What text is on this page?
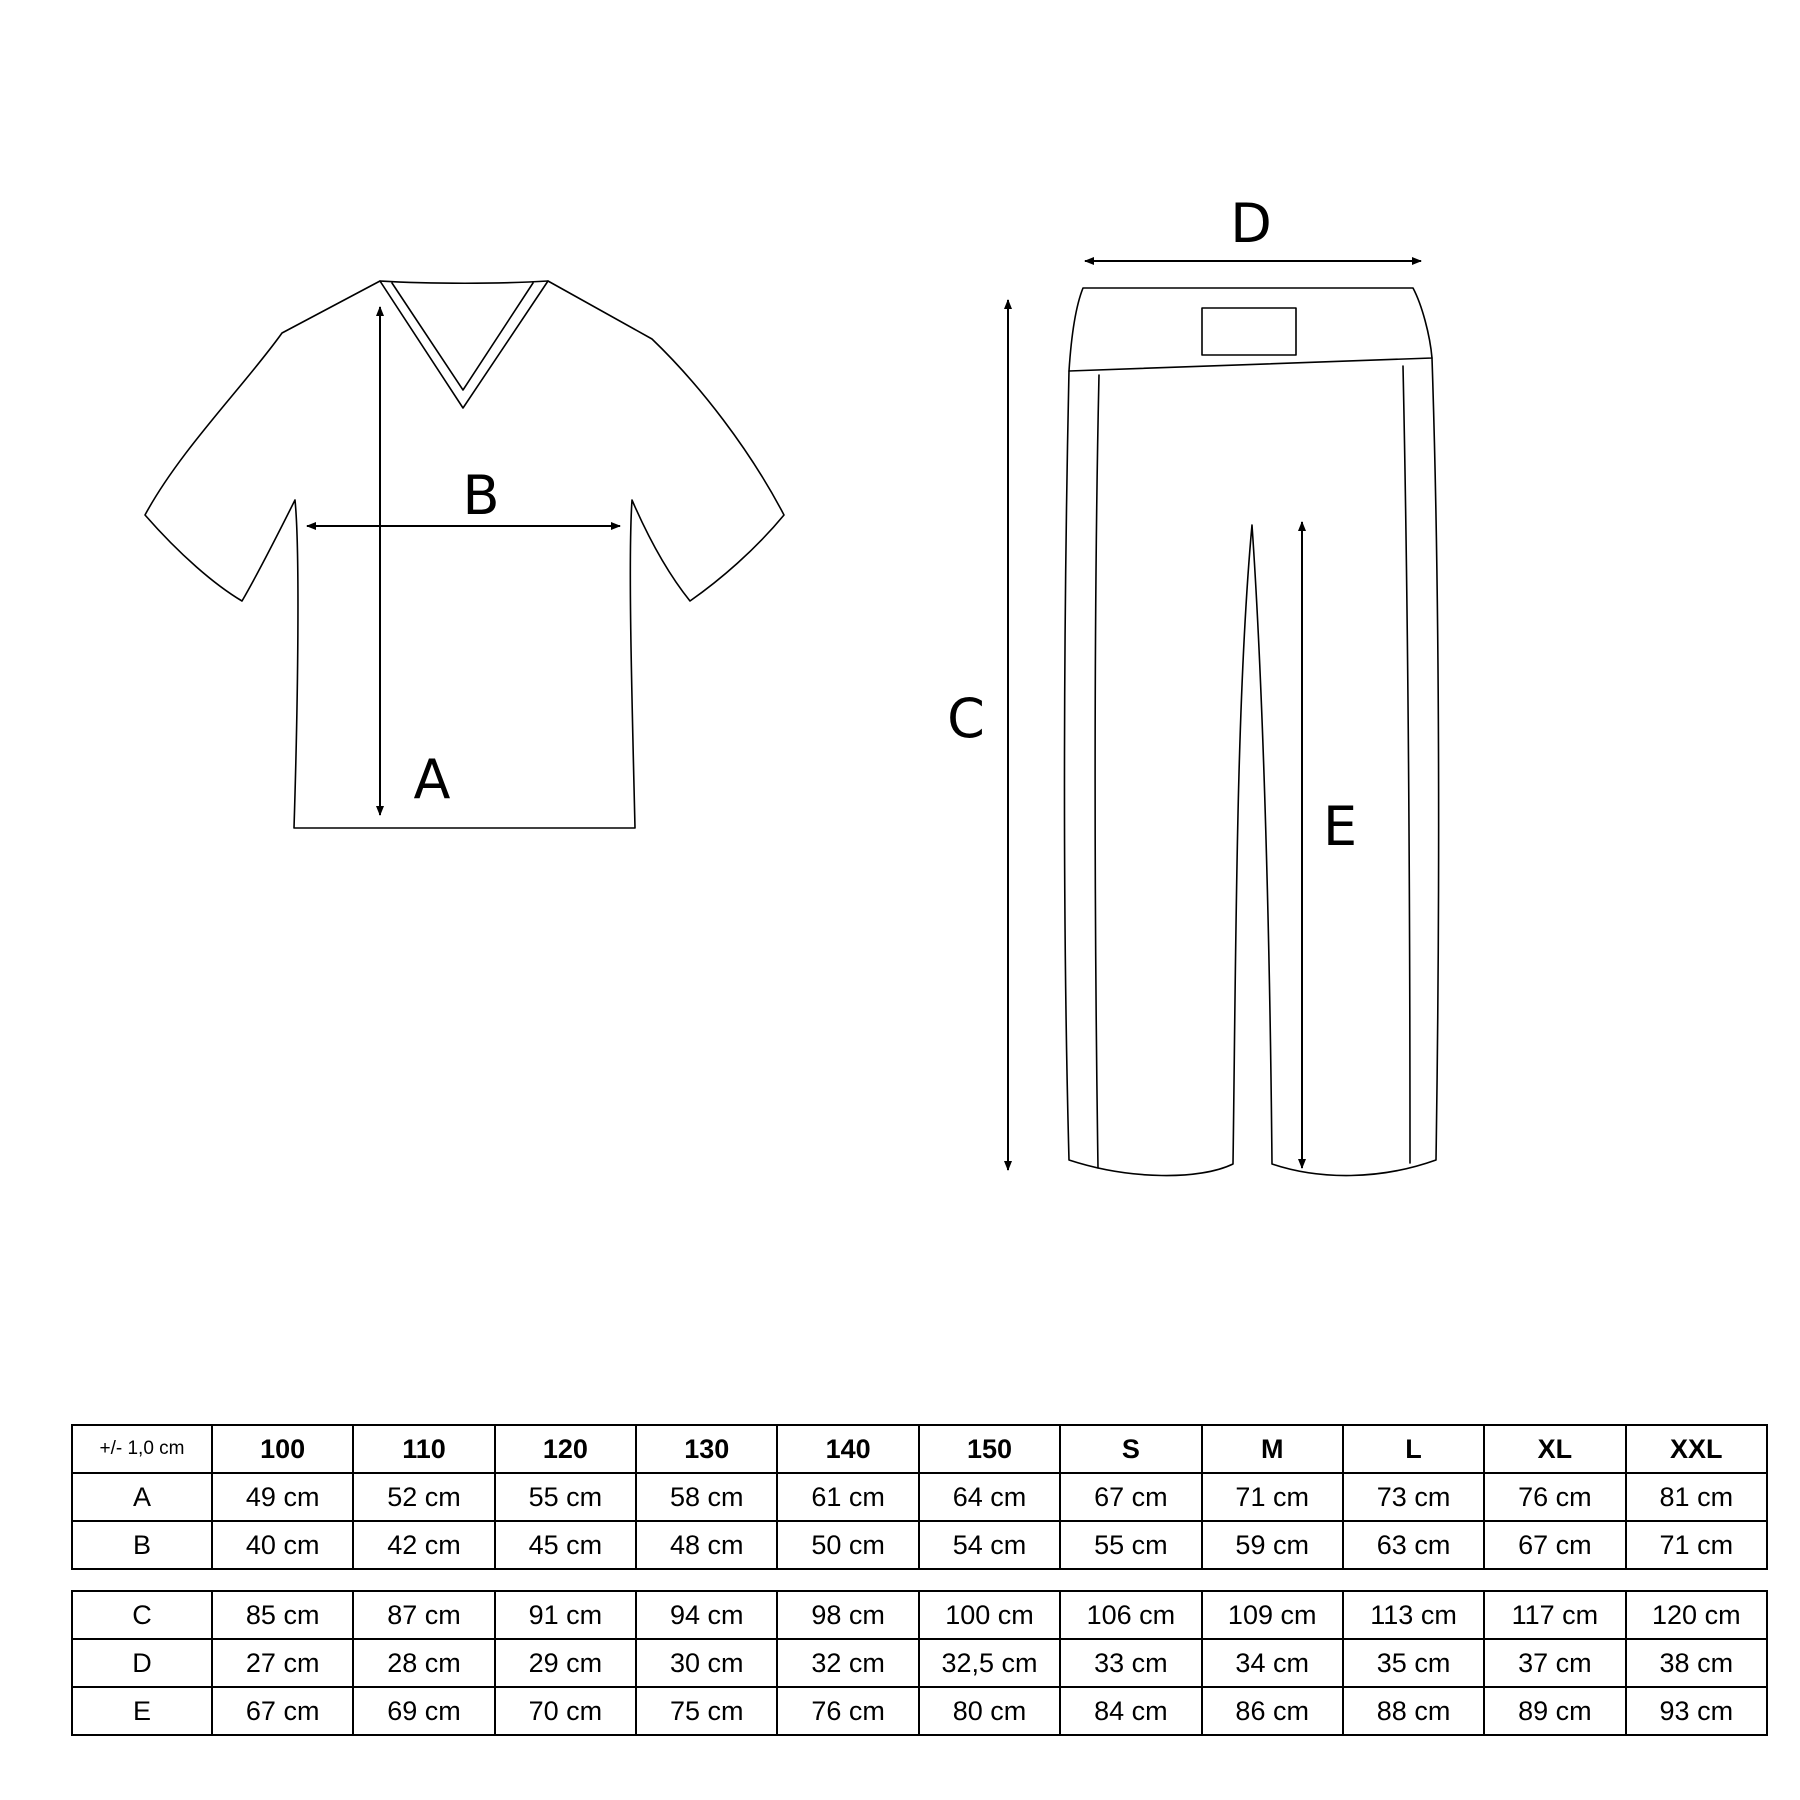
A
B
C
D
E
+/- 1,0 cm	100	110	120	130	140	150	S	M	L	XL	XXL
A	49 cm	52 cm	55 cm	58 cm	61 cm	64 cm	67 cm	71 cm	73 cm	76 cm	81 cm
B	40 cm	42 cm	45 cm	48 cm	50 cm	54 cm	55 cm	59 cm	63 cm	67 cm	71 cm
C	85 cm	87 cm	91 cm	94 cm	98 cm	100 cm	106 cm	109 cm	113 cm	117 cm	120 cm
D	27 cm	28 cm	29 cm	30 cm	32 cm	32,5 cm	33 cm	34 cm	35 cm	37 cm	38 cm
E	67 cm	69 cm	70 cm	75 cm	76 cm	80 cm	84 cm	86 cm	88 cm	89 cm	93 cm
